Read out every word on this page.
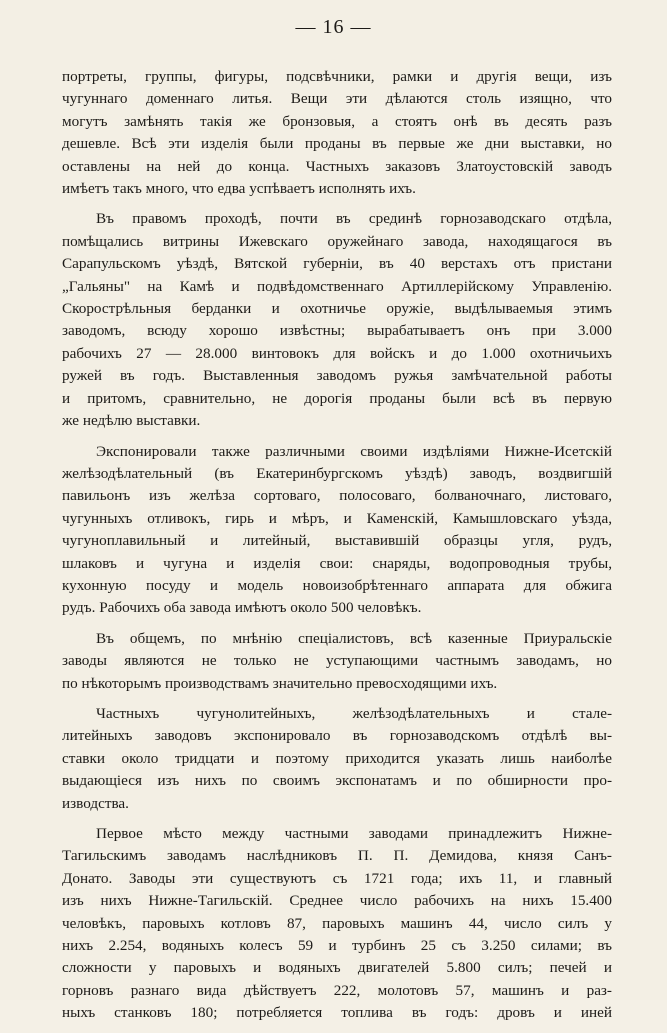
— 16 —

портреты, группы, фигуры, подсвѣчники, рамки и другія вещи, изъ
чугуннаго доменнаго литья. Вещи эти дѣлаются столь изящно, что
могутъ замѣнять такія же бронзовыя, а стоятъ онѣ въ десять разъ
дешевле. Всѣ эти изделія были проданы въ первые же дни выставки, но
оставлены на ней до конца. Частныхъ заказовъ Златоустовскій заводъ
имѣетъ такъ много, что едва успѣваетъ исполнять ихъ.

Въ правомъ проходѣ, почти въ срединѣ горнозаводскаго отдѣла,
помѣщались витрины Ижевскаго оружейнаго завода, находящагося въ
Сарапульскомъ уѣздѣ, Вятской губерніи, въ 40 верстахъ отъ пристани
„Гальяны" на Камѣ и подвѣдомственнаго Артиллерійскому Управленію.
Скорострѣльныя берданки и охотничье оружіе, выдѣлываемыя этимъ
заводомъ, всюду хорошо извѣстны; вырабатываетъ онъ при 3.000
рабочихъ 27 — 28.000 винтовокъ для войскъ и до 1.000 охотничьихъ
ружей въ годъ. Выставленныя заводомъ ружья замѣчательной работы
и притомъ, сравнительно, не дорогія проданы были всѣ въ первую
же недѣлю выставки.

Экспонировали также различными своими издѣліями Нижне-Исетскій
желѣзодѣлательный (въ Екатеринбургскомъ уѣздѣ) заводъ, воздвигшій
павильонъ изъ желѣза сортоваго, полосоваго, болваночнаго, листоваго,
чугунныхъ отливокъ, гирь и мѣръ, и Каменскій, Камышловскаго уѣзда,
чугуноплавильный и литейный, выставившій образцы угля, рудъ,
шлаковъ и чугуна и изделія свои: снаряды, водопроводныя трубы,
кухонную посуду и модель новоизобрѣтеннаго аппарата для обжига
рудъ. Рабочихъ оба завода имѣютъ около 500 человѣкъ.

Въ общемъ, по мнѣнію спеціалистовъ, всѣ казенные Приуральскіе
заводы являются не только не уступающими частнымъ заводамъ, но
по нѣкоторымъ производствамъ значительно превосходящими ихъ.

Частныхъ чугунолитейныхъ, желѣзодѣлательныхъ и стале-
литейныхъ заводовъ экспонировало въ горнозаводскомъ отдѣлѣ вы-
ставки около тридцати и поэтому приходится указать лишь наиболѣе
выдающіеся изъ нихъ по своимъ экспонатамъ и по обширности про-
изводства.

Первое мѣсто между частными заводами принадлежитъ Нижне-
Тагильскимъ заводамъ наслѣдниковъ П. П. Демидова, князя Санъ-
Донато. Заводы эти существуютъ съ 1721 года; ихъ 11, и главный
изъ нихъ Нижне-Тагильскій. Среднее число рабочихъ на нихъ 15.400
человѣкъ, паровыхъ котловъ 87, паровыхъ машинъ 44, число силъ у
нихъ 2.254, водяныхъ колесъ 59 и турбинъ 25 съ 3.250 силами; въ
сложности у паровыхъ и водяныхъ двигателей 5.800 силъ; печей и
горновъ разнаго вида дѣйствуетъ 222, молотовъ 57, машинъ и раз-
ныхъ станковъ 180; потребляется топлива въ годъ: дровъ и иней
